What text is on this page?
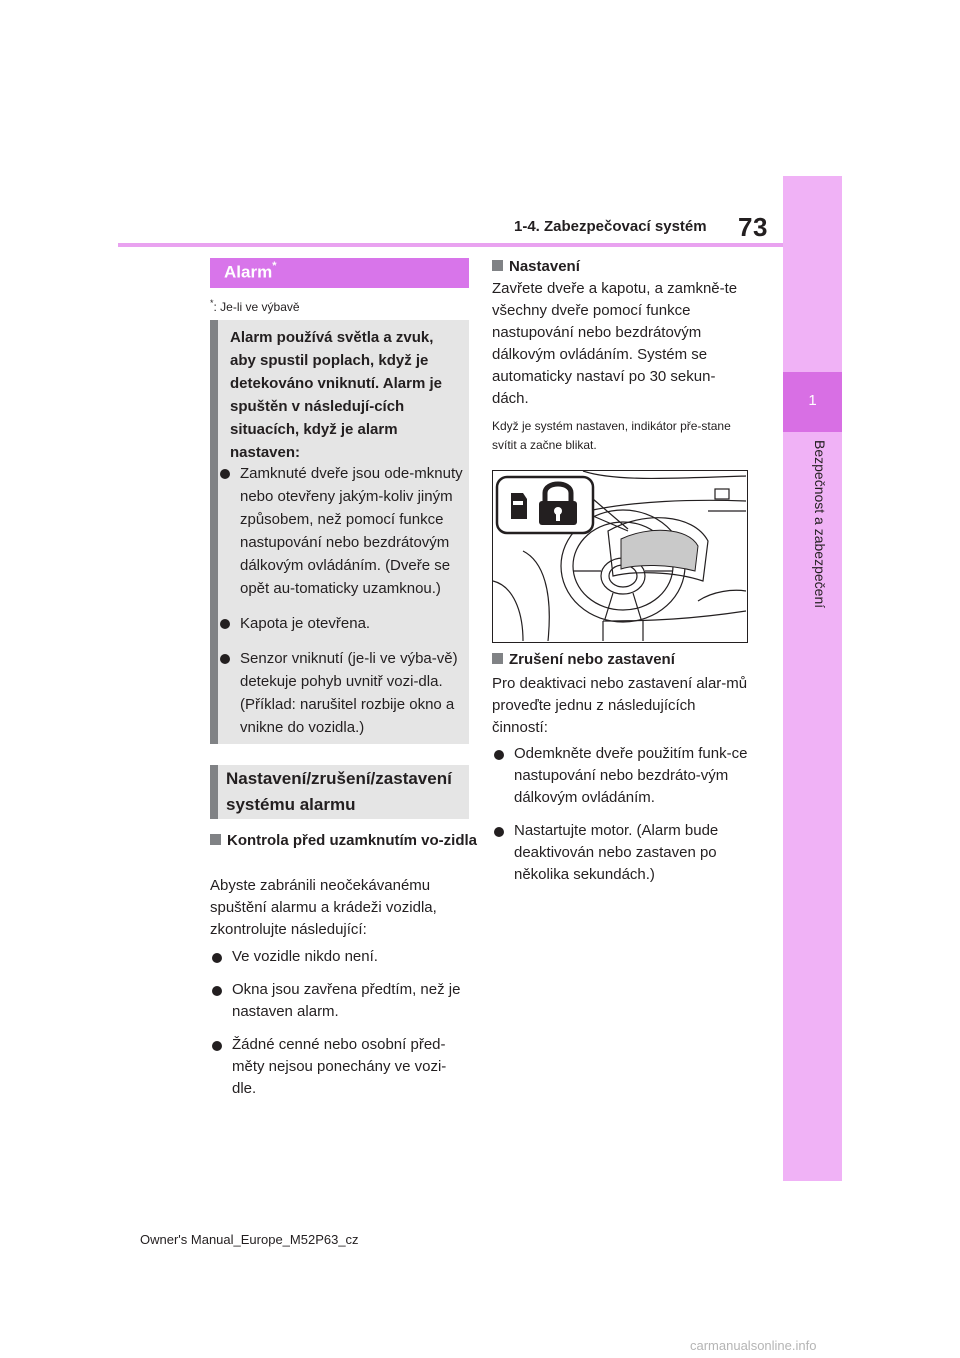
1-4. Zabezpečovací systém 73
1
Bezpečnost a zabezpečení
Alarm*
*: Je-li ve výbavě
Alarm používá světla a zvuk, aby spustil poplach, když je detekováno vniknutí. Alarm je spuštěn v následují-cích situacích, když je alarm nastaven:
Zamknuté dveře jsou ode-mknuty nebo otevřeny jakým-koliv jiným způsobem, než pomocí funkce nastupování nebo bezdrátovým dálkovým ovládáním. (Dveře se opět au-tomaticky uzamknou.)
Kapota je otevřena.
Senzor vniknutí (je-li ve výba-vě) detekuje pohyb uvnitř vozi-dla. (Příklad: narušitel rozbije okno a vnikne do vozidla.)
Nastavení/zrušení/zastavení systému alarmu
Kontrola před uzamknutím vo-zidla
Abyste zabránili neočekávanému spuštění alarmu a krádeži vozidla, zkontrolujte následující:
Ve vozidle nikdo není.
Okna jsou zavřena předtím, než je nastaven alarm.
Žádné cenné nebo osobní před-měty nejsou ponechány ve vozi-dle.
Nastavení
Zavřete dveře a kapotu, a zamkně-te všechny dveře pomocí funkce nastupování nebo bezdrátovým dálkovým ovládáním. Systém se automaticky nastaví po 30 sekun-dách.
Když je systém nastaven, indikátor pře-stane svítit a začne blikat.
Zrušení nebo zastavení
Pro deaktivaci nebo zastavení alar-mů proveďte jednu z následujících činností:
Odemkněte dveře použitím funk-ce nastupování nebo bezdráto-vým dálkovým ovládáním.
Nastartujte motor. (Alarm bude deaktivován nebo zastaven po několika sekundách.)
Owner's Manual_Europe_M52P63_cz
carmanualsonline.info
